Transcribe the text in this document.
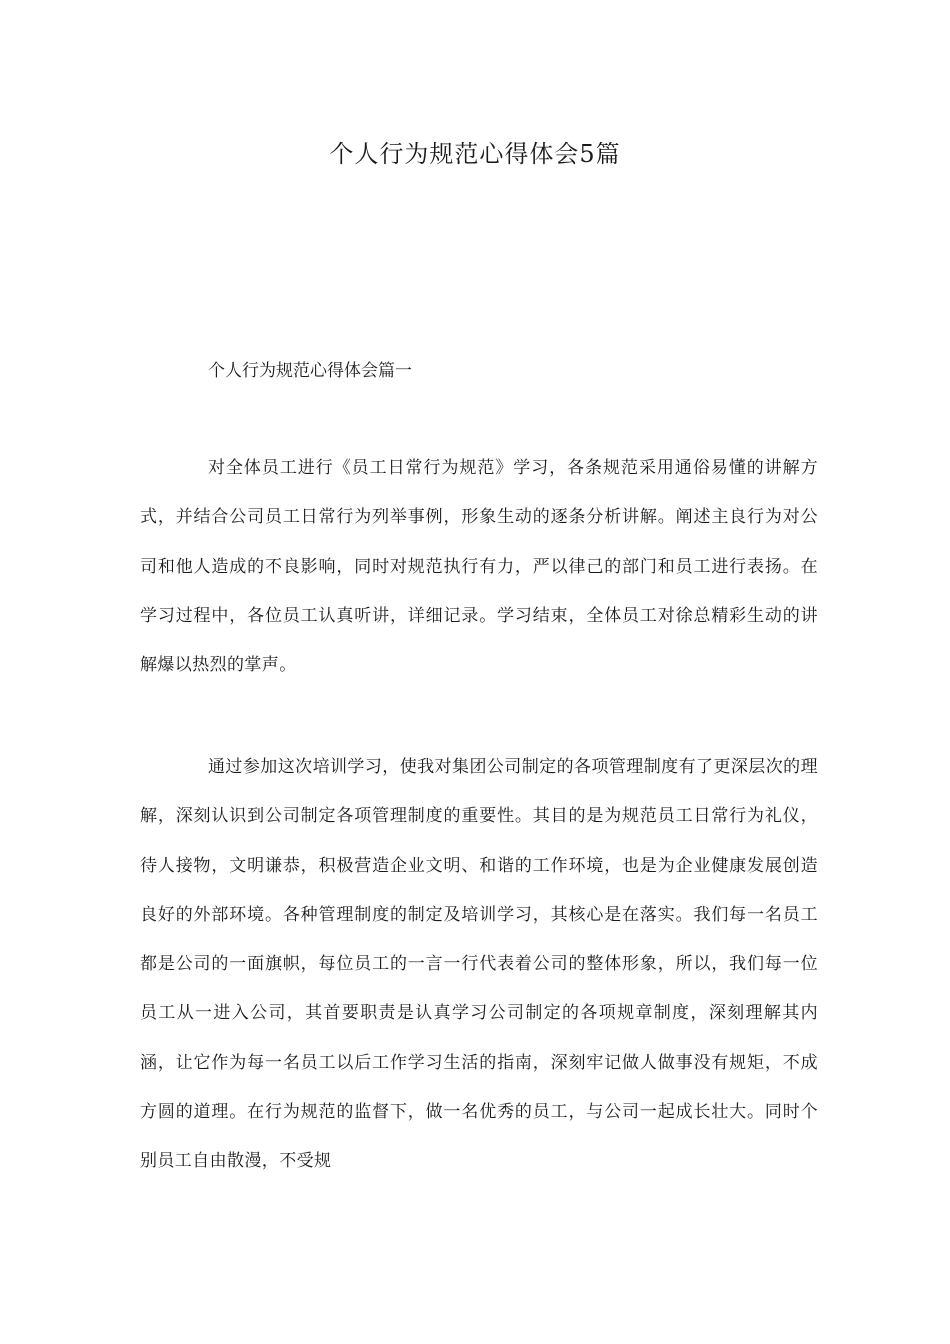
个人行为规范心得体会5篇
个人行为规范心得体会篇一

对全体员工进行《员工日常行为规范》学习，各条规范采用通俗易懂的讲解方式，并结合公司员工日常行为列举事例，形象生动的逐条分析讲解。阐述主良行为对公司和他人造成的不良影响，同时对规范执行有力，严以律己的部门和员工进行表扬。在学习过程中，各位员工认真听讲，详细记录。学习结束，全体员工对徐总精彩生动的讲解爆以热烈的掌声。

通过参加这次培训学习，使我对集团公司制定的各项管理制度有了更深层次的理解，深刻认识到公司制定各项管理制度的重要性。其目的是为规范员工日常行为礼仪，待人接物，文明谦恭，积极营造企业文明、和谐的工作环境，也是为企业健康发展创造良好的外部环境。各种管理制度的制定及培训学习，其核心是在落实。我们每一名员工都是公司的一面旗帜，每位员工的一言一行代表着公司的整体形象，所以，我们每一位员工从一进入公司，其首要职责是认真学习公司制定的各项规章制度，深刻理解其内涵，让它作为每一名员工以后工作学习生活的指南，深刻牢记做人做事没有规矩，不成方圆的道理。在行为规范的监督下，做一名优秀的员工，与公司一起成长壮大。同时个别员工自由散漫，不受规
